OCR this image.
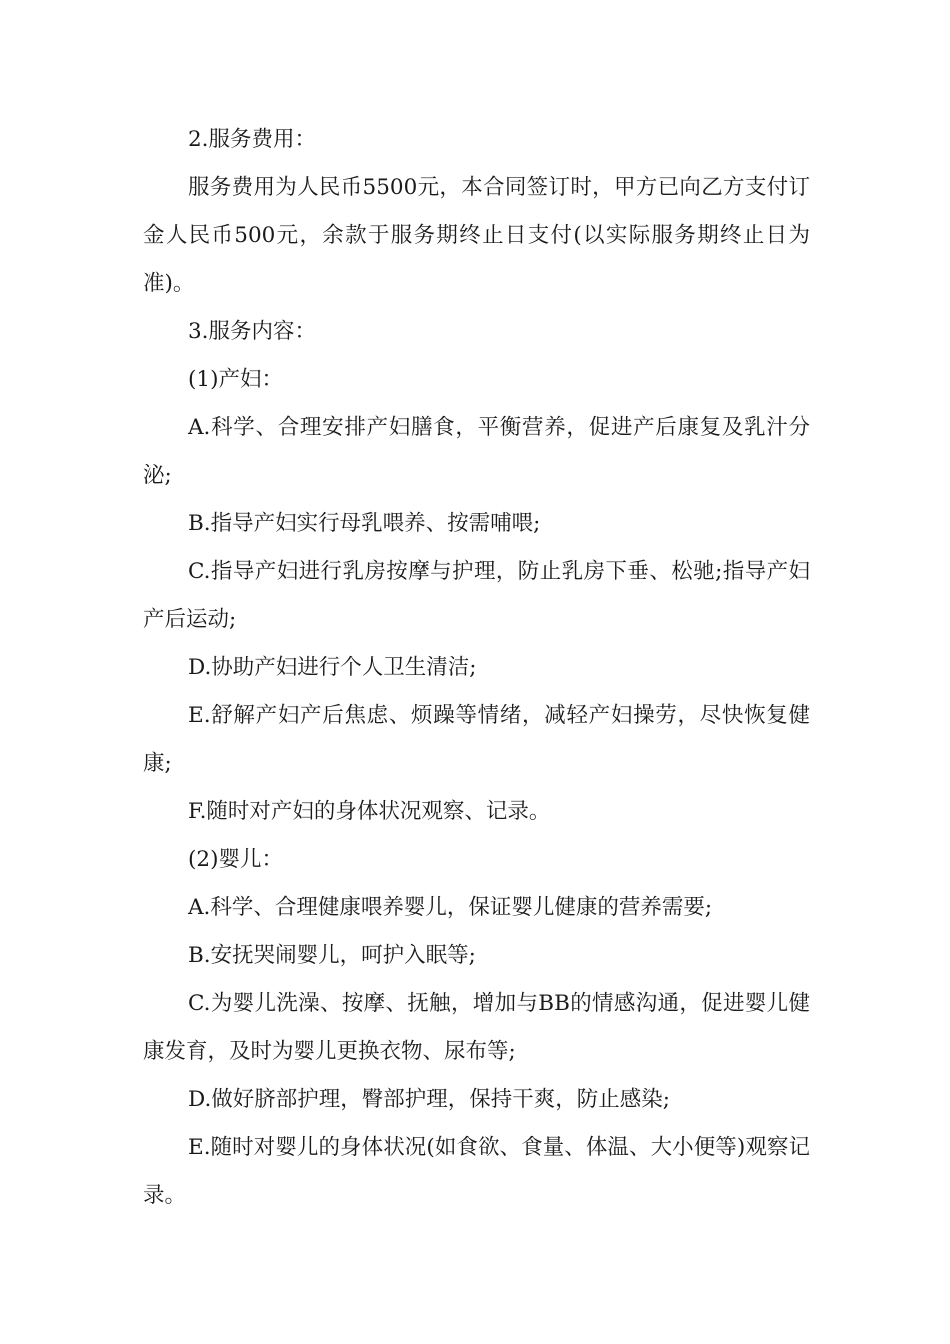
2.服务费用：

服务费用为人民币5500元，本合同签订时，甲方已向乙方支付订金人民币500元，余款于服务期终止日支付(以实际服务期终止日为准)。

3.服务内容：

(1)产妇：

A.科学、合理安排产妇膳食，平衡营养，促进产后康复及乳汁分泌;

B.指导产妇实行母乳喂养、按需哺喂;

C.指导产妇进行乳房按摩与护理，防止乳房下垂、松驰;指导产妇产后运动;

D.协助产妇进行个人卫生清洁;

E.舒解产妇产后焦虑、烦躁等情绪，减轻产妇操劳，尽快恢复健康;

F.随时对产妇的身体状况观察、记录。

(2)婴儿：

A.科学、合理健康喂养婴儿，保证婴儿健康的营养需要;

B.安抚哭闹婴儿，呵护入眠等;

C.为婴儿洗澡、按摩、抚触，增加与BB的情感沟通，促进婴儿健康发育，及时为婴儿更换衣物、尿布等;

D.做好脐部护理，臀部护理，保持干爽，防止感染;

E.随时对婴儿的身体状况(如食欲、食量、体温、大小便等)观察记录。
